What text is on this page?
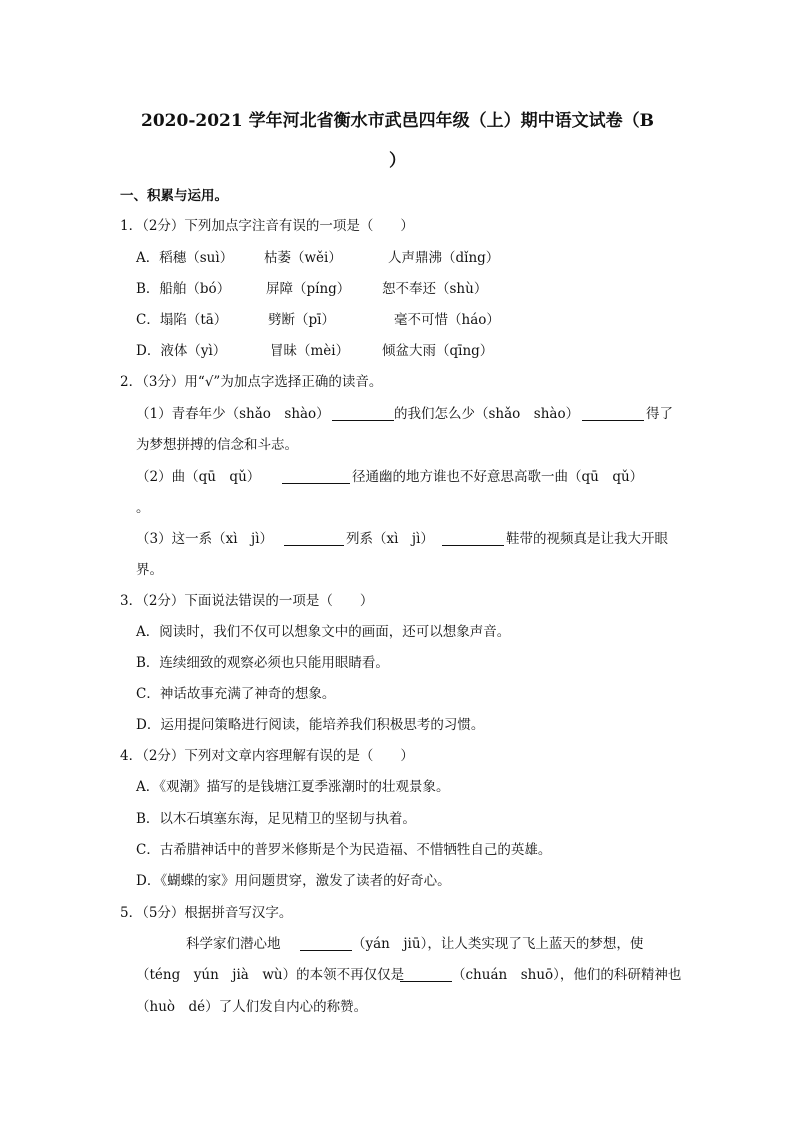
2020-2021 学年河北省衡水市武邑四年级（上）期中语文试卷（B
）
一、积累与运用。
1．（2分）下列加点字注音有误的一项是（　　）
A．稻穗（suì） 枯萎（wěi）	人声鼎沸（dǐng）
B．船舶（bó）	屏障（píng） 恕不奉还（shù）
C．塌陷（tā）	劈断（pī）	毫不可惜（háo）
D．液体（yì）	冒昧（mèi） 倾盆大雨（qīng）
2．（3分）用“√”为加点字选择正确的读音。
（1）青春年少（shǎo　shào）	的我们怎么少（shǎo　shào）	得了
为梦想拼搏的信念和斗志。
（2）曲（qū　qǔ）	径通幽的地方谁也不好意思高歌一曲（qū　qǔ）
。
（3）这一系（xì　jì）	列系（xì　jì）	鞋带的视频真是让我大开眼
界。
3．（2分）下面说法错误的一项是（　　）
A．阅读时，我们不仅可以想象文中的画面，还可以想象声音。
B．连续细致的观察必须也只能用眼睛看。
C．神话故事充满了神奇的想象。
D．运用提问策略进行阅读，能培养我们积极思考的习惯。
4．（2分）下列对文章内容理解有误的是（　　）
A．《观潮》描写的是钱塘江夏季涨潮时的壮观景象。
B．以木石填塞东海，足见精卫的坚韧与执着。
C．古希腊神话中的普罗米修斯是个为民造福、不惜牺牲自己的英雄。
D．《蝴蝶的家》用问题贯穿，激发了读者的好奇心。
5．（5分）根据拼音写汉字。
科学家们潜心地	（yán　jiū），让人类实现了飞上蓝天的梦想，使
（téng　yún　jià　wù）的本领不再仅仅是	（chuán　shuō），他们的科研精神也
（huò　dé）了人们发自内心的称赞。
